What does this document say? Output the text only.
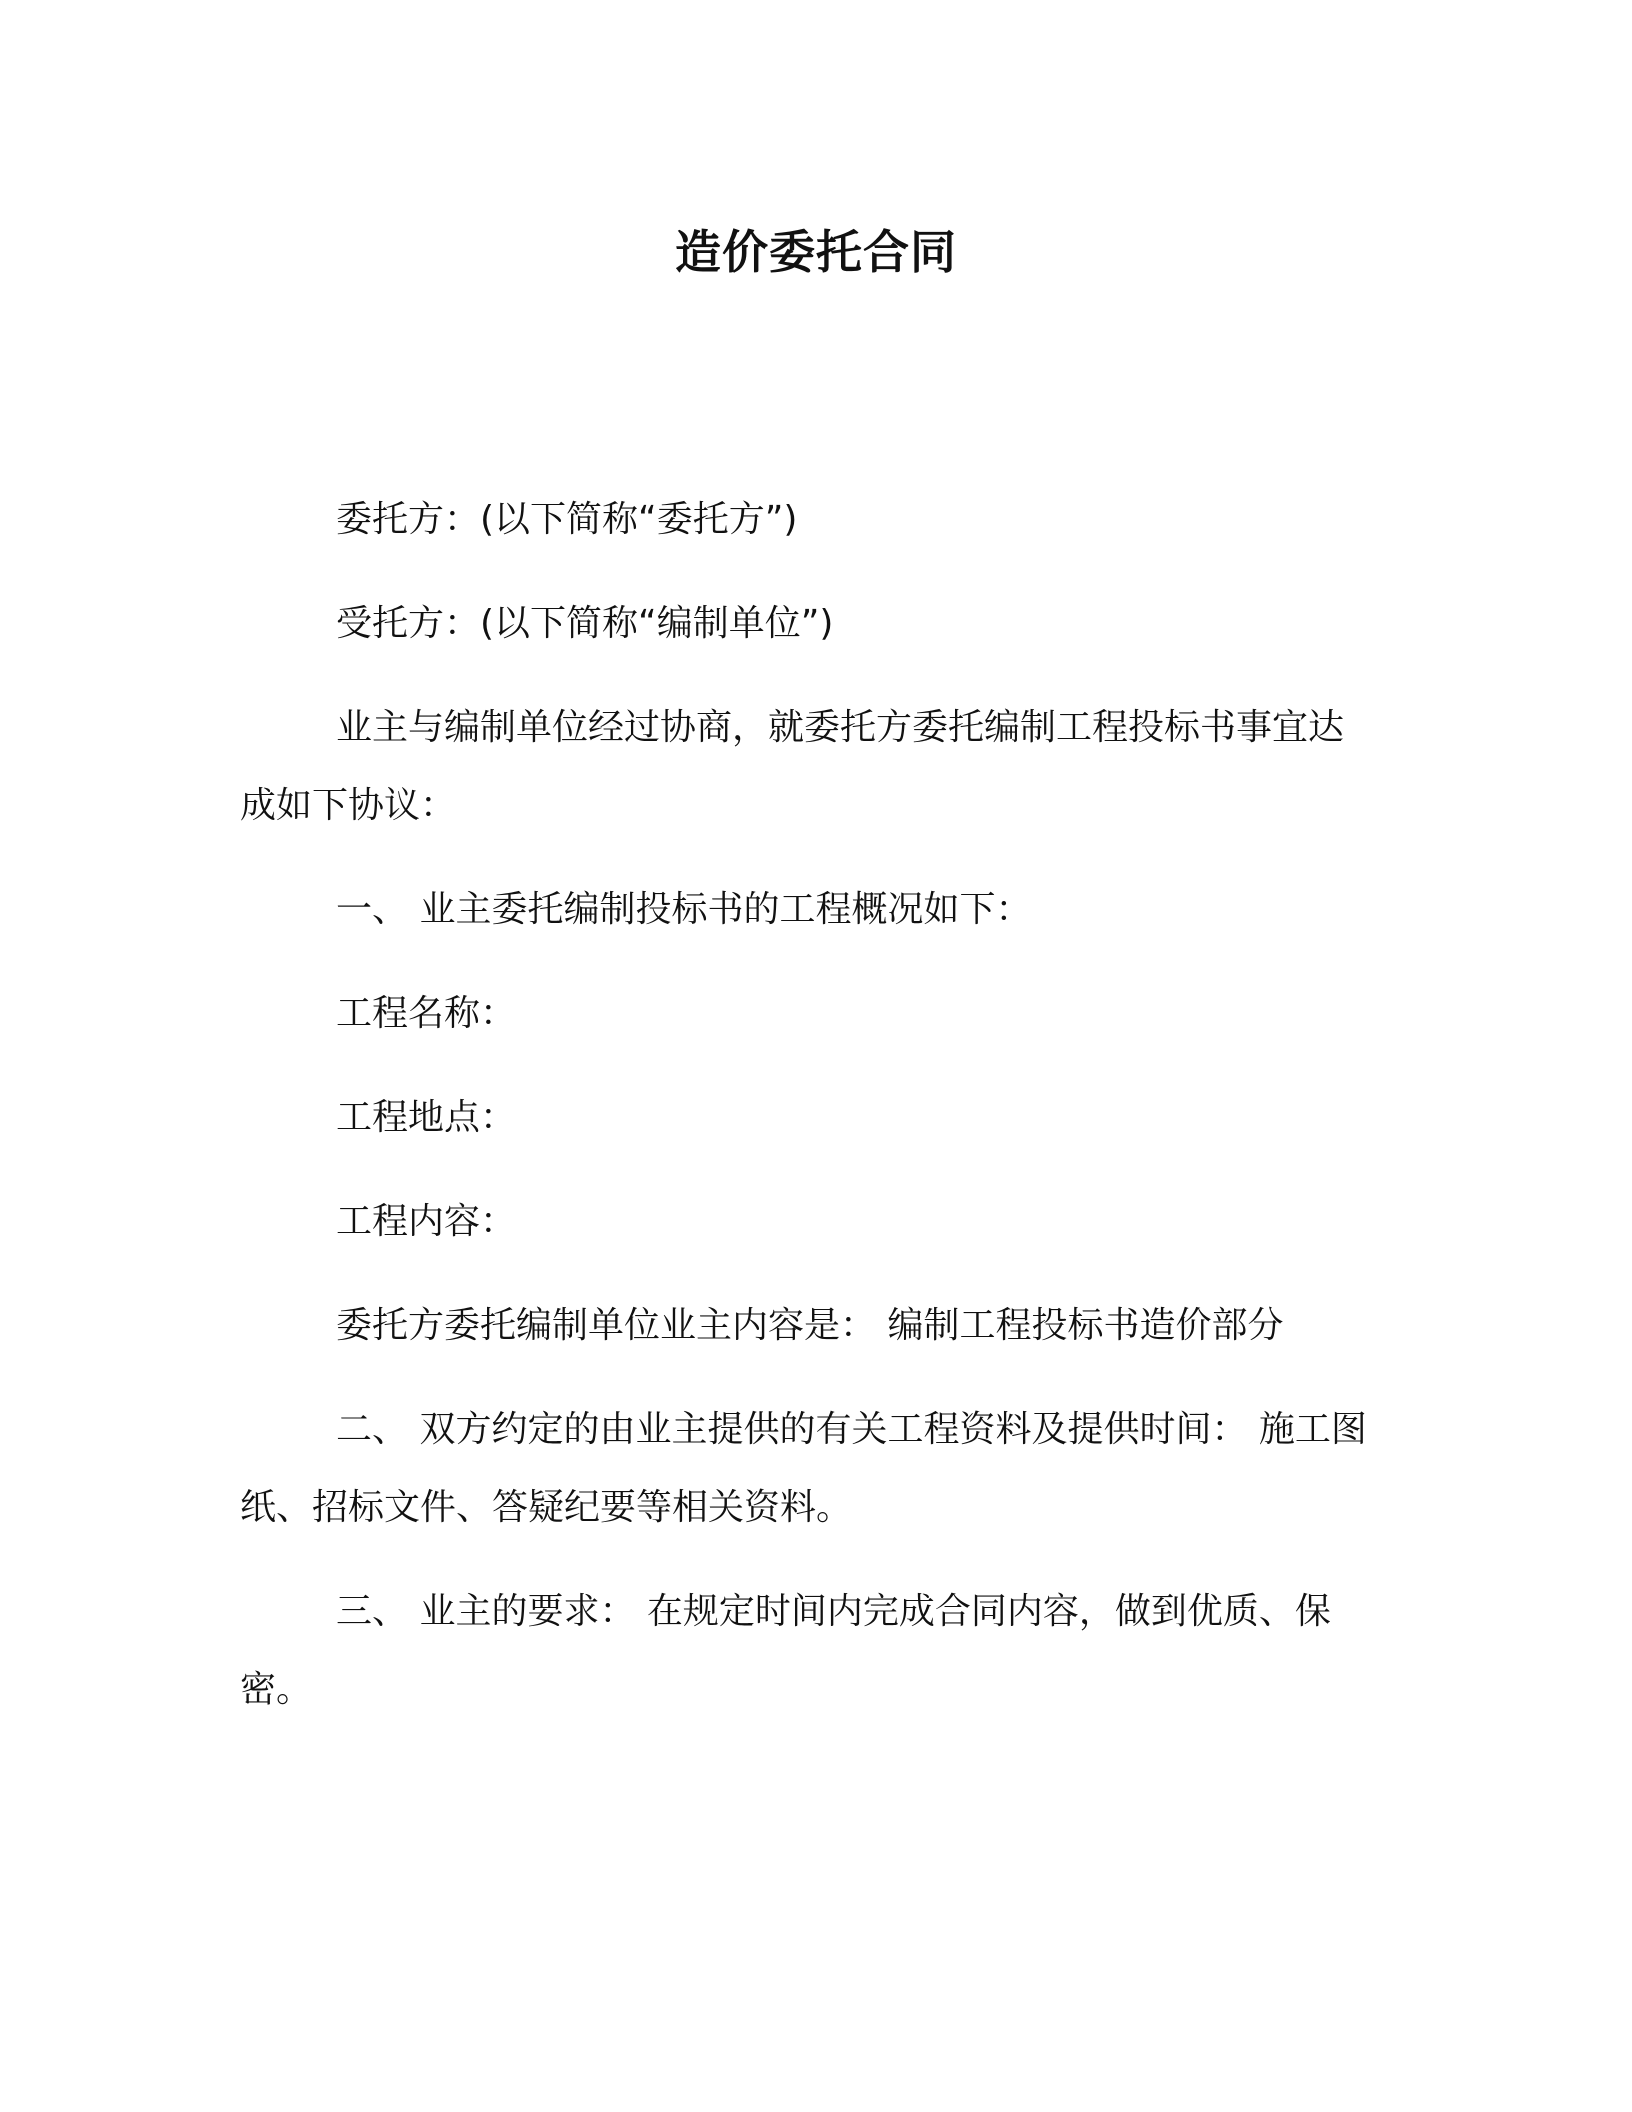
造价委托合同

委托方：(以下简称“委托方”)

受托方：(以下简称“编制单位”)

业主与编制单位经过协商，就委托方委托编制工程投标书事宜达成如下协议：

一、 业主委托编制投标书的工程概况如下：

工程名称：

工程地点：

工程内容：

委托方委托编制单位业主内容是： 编制工程投标书造价部分

二、 双方约定的由业主提供的有关工程资料及提供时间： 施工图纸、招标文件、答疑纪要等相关资料。

三、 业主的要求： 在规定时间内完成合同内容，做到优质、保密。
